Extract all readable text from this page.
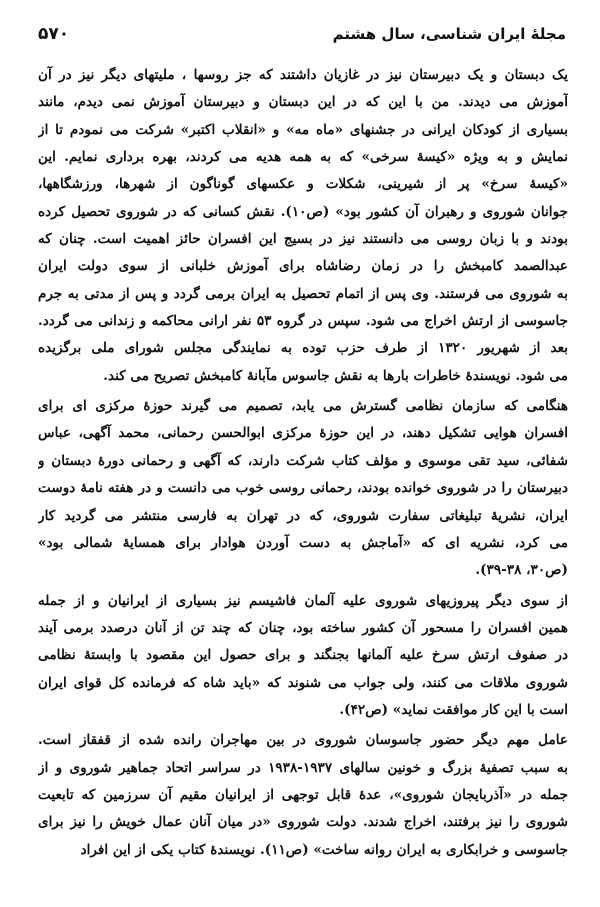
مجلهٔ ایران شناسی، سال هشتم
۵۷۰
یک دبستان و یک دبیرستان نیز در غازیان داشتند که جز روسها ، ملیتهای دیگر نیز در آن
آموزش می دیدند. من با این که در این دبستان و دبیرستان آموزش نمی دیدم، مانند
بسیاری از کودکان ایرانی در جشنهای «ماه مه» و «انقلاب اکتبر» شرکت می نمودم تا از
نمایش و به ویژه «کیسهٔ سرخی» که به همه هدیه می کردند، بهره برداری نمایم. این
«کیسهٔ سرخ» پر از شیرینی، شکلات و عکسهای گوناگون از شهرها، ورزشگاهها،
جوانان شوروی و رهبران آن کشور بود» (ص۱۰). نقش کسانی که در شوروی تحصیل کرده
بودند و با زبان روسی می دانستند نیز در بسیج این افسران حائز اهمیت است. چنان که
عبدالصمد کامبخش را در زمان رضاشاه برای آموزش خلبانی از سوی دولت ایران
به شوروی می فرستند. وی پس از اتمام تحصیل به ایران برمی گردد و پس از مدتی به جرم
جاسوسی از ارتش اخراج می شود. سپس در گروه ۵۳ نفر ارانی محاکمه و زندانی می گردد.
بعد از شهریور ۱۳۲۰ از طرف حزب توده به نمایندگی مجلس شورای ملی برگزیده
می شود. نویسندهٔ خاطرات بارها به نقش جاسوس مآبانهٔ کامبخش تصریح می کند.
هنگامی که سازمان نظامی گسترش می یابد، تصمیم می گیرند حوزهٔ مرکزی ای برای
افسران هوایی تشکیل دهند، در این حوزهٔ مرکزی ابوالحسن رحمانی، محمد آگهی، عباس
شفائی، سید تقی موسوی و مؤلف کتاب شرکت دارند، که آگهی و رحمانی دورهٔ دبستان و
دبیرستان را در شوروی خوانده بودند، رحمانی روسی خوب می دانست و در هفته نامهٔ دوست
ایران، نشریهٔ تبلیغاتی سفارت شوروی، که در تهران به فارسی منتشر می گردید کار
می کرد، نشریه ای که «آماجش به دست آوردن هوادار برای همسایهٔ شمالی بود»
(ص۳۰، ۳۸-۳۹).
از سوی دیگر پیروزیهای شوروی علیه آلمان فاشیسم نیز بسیاری از ایرانیان و از جمله
همین افسران را مسحور آن کشور ساخته بود، چنان که چند تن از آنان درصدد برمی آیند
در صفوف ارتش سرخ علیه آلمانها بجنگند و برای حصول این مقصود با وابستهٔ نظامی
شوروی ملاقات می کنند، ولی جواب می شنوند که «باید شاه که فرمانده کل قوای ایران
است با این کار موافقت نماید» (ص۴۲).
عامل مهم دیگر حضور جاسوسان شوروی در بین مهاجران رانده شده از قفقاز است.
به سبب تصفیهٔ بزرگ و خونین سالهای ۱۹۳۷-۱۹۳۸ در سراسر اتحاد جماهیر شوروی و از
جمله در «آذربایجان شوروی»، عدهٔ قابل توجهی از ایرانیان مقیم آن سرزمین که تابعیت
شوروی را نیز برفتند، اخراج شدند. دولت شوروی «در میان آنان عمال خویش را نیز برای
جاسوسی و خرابکاری به ایران روانه ساخت» (ص۱۱). نویسندهٔ کتاب یکی از این افراد
